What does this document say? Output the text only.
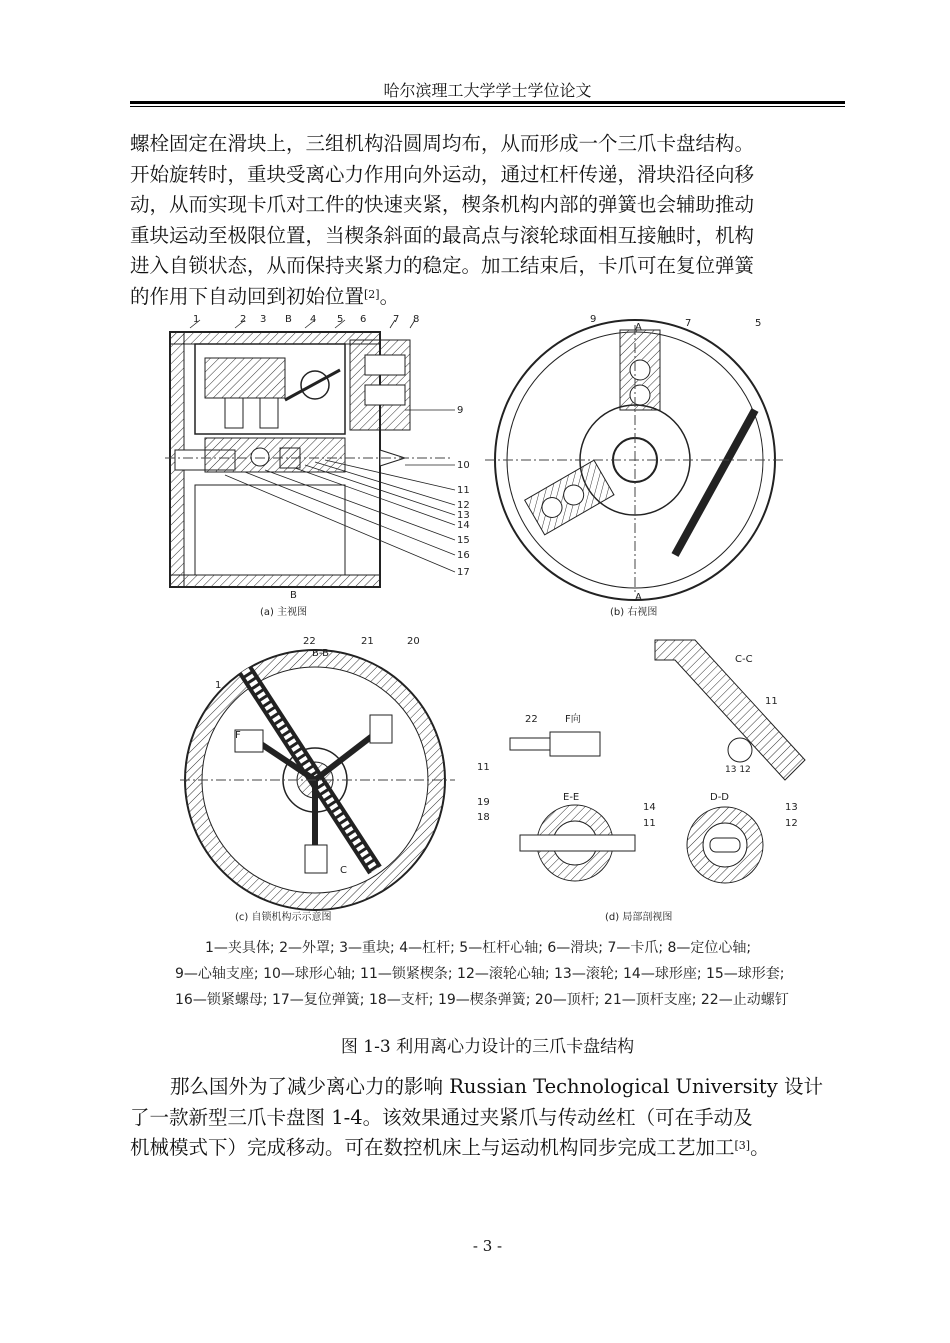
哈尔滨理工大学学士学位论文
螺栓固定在滑块上，三组机构沿圆周均布，从而形成一个三爪卡盘结构。
开始旋转时，重块受离心力作用向外运动，通过杠杆传递，滑块沿径向移
动，从而实现卡爪对工件的快速夹紧，楔条机构内部的弹簧也会辅助推动
重块运动至极限位置，当楔条斜面的最高点与滚轮球面相互接触时，机构
进入自锁状态，从而保持夹紧力的稳定。加工结束后，卡爪可在复位弹簧
的作用下自动回到初始位置[2]。
1	2 3 B 4 5 6	7 8
9
10
11
12
13
14
15
16
17
B
(a) 主视图
9
A	7	5
A
(b) 右视图
1
22
B-B
21	20
11
19
18
F
C
(c) 自锁机构示示意图
C-C
11
13 12
22	F向
E-E
14
11
D-D
13
12
(d) 局部剖视图
1—夹具体; 2—外罩; 3—重块; 4—杠杆; 5—杠杆心轴; 6—滑块; 7—卡爪; 8—定位心轴;
9—心轴支座; 10—球形心轴; 11—锁紧楔条; 12—滚轮心轴; 13—滚轮; 14—球形座; 15—球形套;
16—锁紧螺母; 17—复位弹簧; 18—支杆; 19—楔条弹簧; 20—顶杆; 21—顶杆支座; 22—止动螺钉
图 1-3 利用离心力设计的三爪卡盘结构
那么国外为了减少离心力的影响 Russian Technological University 设计
了一款新型三爪卡盘图 1-4。该效果通过夹紧爪与传动丝杠（可在手动及
机械模式下）完成移动。可在数控机床上与运动机构同步完成工艺加工[3]。
- 3 -
